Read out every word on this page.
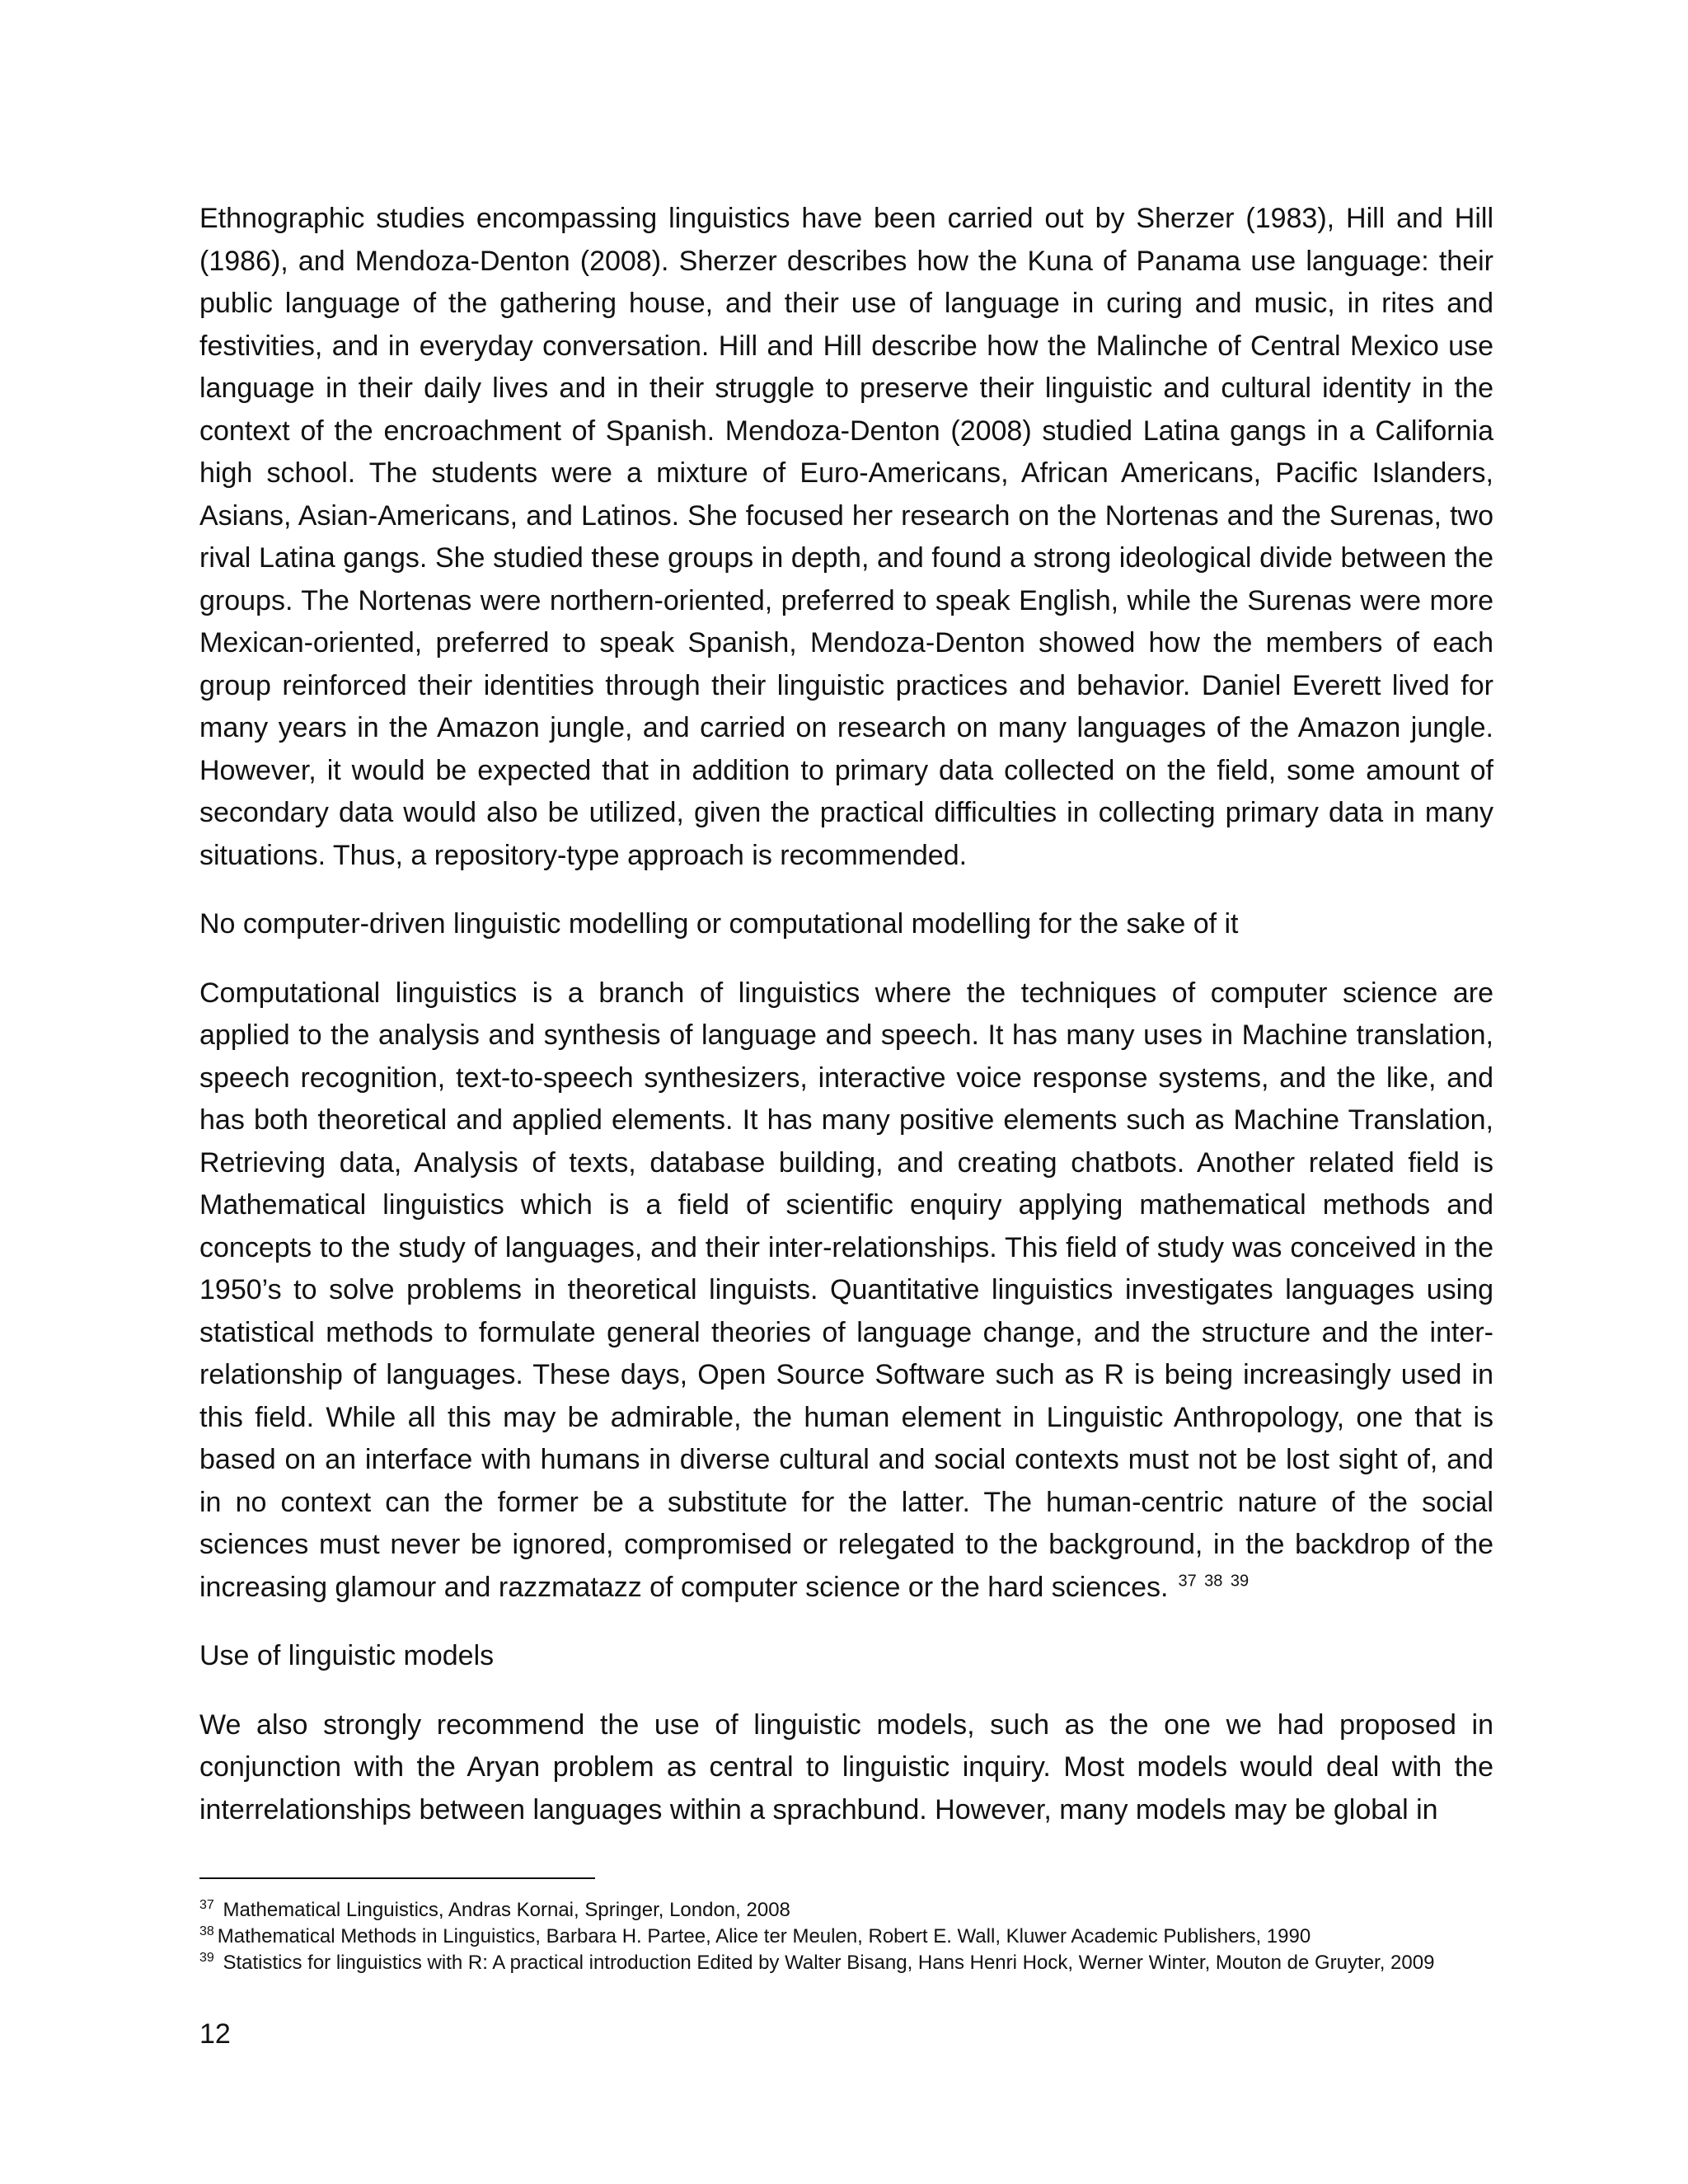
Ethnographic studies encompassing linguistics have been carried out by Sherzer (1983), Hill and Hill (1986), and Mendoza-Denton (2008). Sherzer describes how the Kuna of Panama use language: their public language of the gathering house, and their use of language in curing and music, in rites and festivities, and in everyday conversation. Hill and Hill describe how the Malinche of Central Mexico use language in their daily lives and in their struggle to preserve their linguistic and cultural identity in the context of the encroachment of Spanish. Mendoza-Denton (2008) studied Latina gangs in a California high school. The students were a mixture of Euro-Americans, African Americans, Pacific Islanders, Asians, Asian-Americans, and Latinos. She focused her research on the Nortenas and the Surenas, two rival Latina gangs. She studied these groups in depth, and found a strong ideological divide between the groups. The Nortenas were northern-oriented, preferred to speak English, while the Surenas were more Mexican-oriented, preferred to speak Spanish, Mendoza-Denton showed how the members of each group reinforced their identities through their linguistic practices and behavior. Daniel Everett lived for many years in the Amazon jungle, and carried on research on many languages of the Amazon jungle. However, it would be expected that in addition to primary data collected on the field, some amount of secondary data would also be utilized, given the practical difficulties in collecting primary data in many situations. Thus, a repository-type approach is recommended.

No computer-driven linguistic modelling or computational modelling for the sake of it

Computational linguistics is a branch of linguistics where the techniques of computer science are applied to the analysis and synthesis of language and speech. It has many uses in Machine translation, speech recognition, text-to-speech synthesizers, interactive voice response systems, and the like, and has both theoretical and applied elements. It has many positive elements such as Machine Translation, Retrieving data, Analysis of texts, database building, and creating chatbots. Another related field is Mathematical linguistics which is a field of scientific enquiry applying mathematical methods and concepts to the study of languages, and their inter-relationships. This field of study was conceived in the 1950’s to solve problems in theoretical linguists. Quantitative linguistics investigates languages using statistical methods to formulate general theories of language change, and the structure and the inter-relationship of languages. These days, Open Source Software such as R is being increasingly used in this field. While all this may be admirable, the human element in Linguistic Anthropology, one that is based on an interface with humans in diverse cultural and social contexts must not be lost sight of, and in no context can the former be a substitute for the latter. The human-centric nature of the social sciences must never be ignored, compromised or relegated to the background, in the backdrop of the increasing glamour and razzmatazz of computer science or the hard sciences. $^{37}$ $^{38}$ $^{39}$

Use of linguistic models

We also strongly recommend the use of linguistic models, such as the one we had proposed in conjunction with the Aryan problem as central to linguistic inquiry. Most models would deal with the interrelationships between languages within a sprachbund. However, many models may be global in

$^{37}$ Mathematical Linguistics, Andras Kornai, Springer, London, 2008

$^{38}$ Mathematical Methods in Linguistics, Barbara H. Partee, Alice ter Meulen, Robert E. Wall, Kluwer Academic Publishers, 1990

$^{39}$ Statistics for linguistics with R: A practical introduction Edited by Walter Bisang, Hans Henri Hock, Werner Winter, Mouton de Gruyter, 2009

12
